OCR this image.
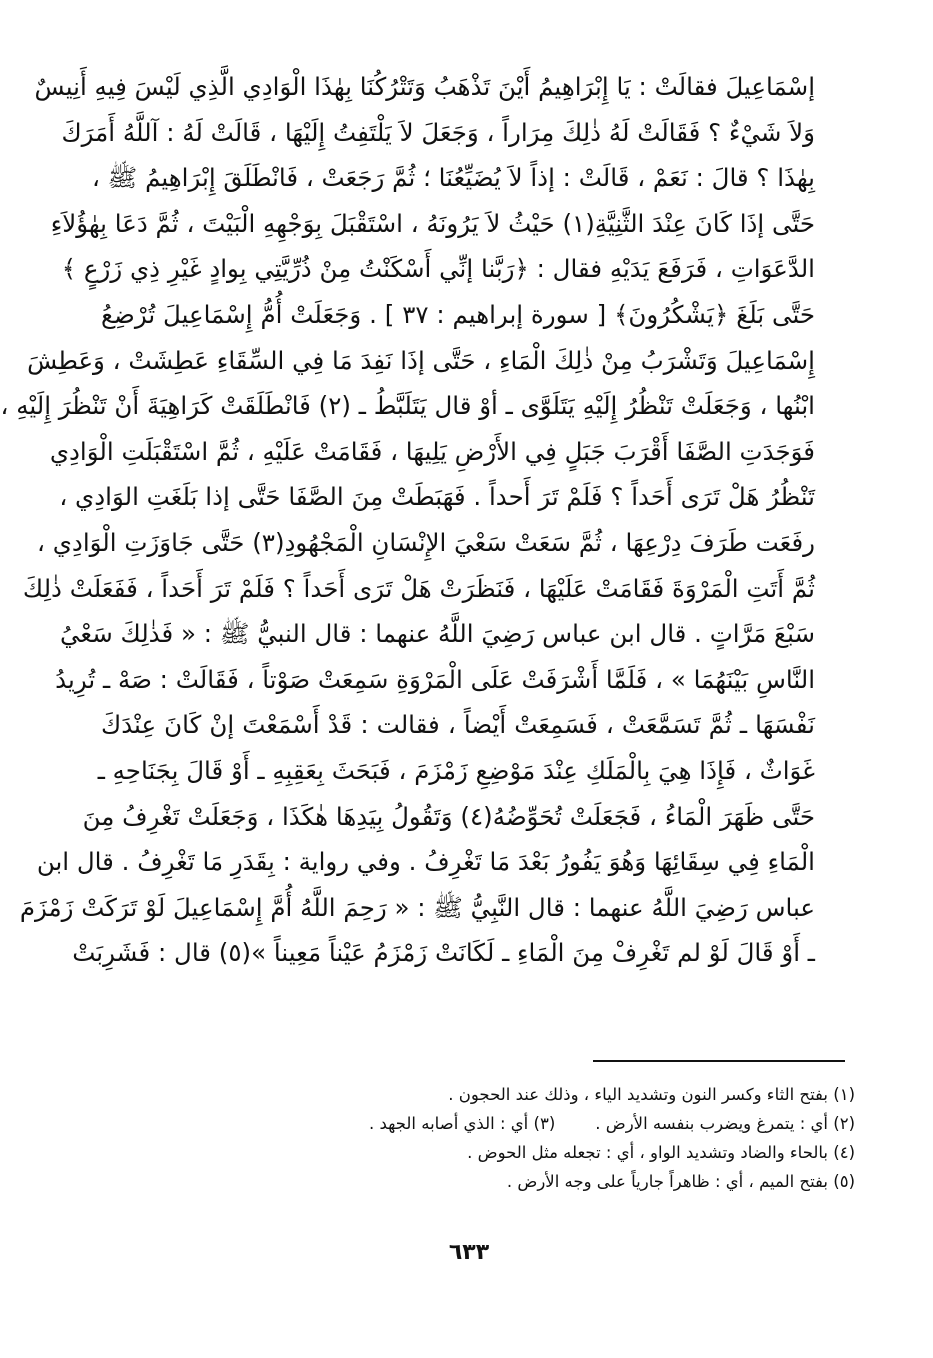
إسْمَاعِيلَ فقالَتْ : يَا إِبْرَاهِيمُ أَيْنَ تَذْهَبُ وَتَتْرُكُنَا بِهٰذَا الْوَادِي الَّذِي لَيْسَ فِيهِ أَنِيسٌ
وَلاَ شَيْءٌ ؟ فَقَالَتْ لَهُ ذٰلِكَ مِرَاراً ، وَجَعَلَ لاَ يَلْتَفِتُ إِلَيْهَا ، قَالَتْ لَهُ : آللَّهُ أَمَرَكَ
بِهٰذَا ؟ قالَ : نَعَمْ ، قَالَتْ : إذاً لاَ يُضَيِّعُنَا ؛ ثُمَّ رَجَعَتْ ، فَانْطَلَقَ إِبْرَاهِيمُ ﷺ ،
حَتَّى إذَا كَانَ عِنْدَ الثَّنِيَّةِ(١) حَيْثُ لاَ يَرُونَهُ ، اسْتَقْبَلَ بِوَجْهِهِ الْبَيْتَ ، ثُمَّ دَعَا بِهٰؤُلاَءِ
الدَّعَوَاتِ ، فَرَفَعَ يَدَيْهِ فقال : ﴿رَبَّنا إنِّي أَسْكَنْتُ مِنْ ذُرِّيَّتِي بِوادٍ غَيْرِ ذِي زَرْعٍ ﴾
حَتَّى بَلَغَ ﴿يَشْكُرُونَ﴾ [ سورة إبراهيم : ٣٧ ] . وَجَعَلَتْ أُمُّ إِسْمَاعِيلَ تُرْضِعُ
إِسْمَاعِيلَ وَتَشْرَبُ مِنْ ذٰلِكَ الْمَاءِ ، حَتَّى إذَا نَفِدَ مَا فِي السِّقَاءِ عَطِشَتْ ، وَعَطِشَ
ابْنُها ، وَجَعَلَتْ تَنْظُرُ إِلَيْهِ يَتَلَوَّى ـ أوْ قال يَتَلَبَّطُ ـ (٢) فَانْطَلَقَتْ كَرَاهِيَةَ أَنْ تَنْظُرَ إِلَيْهِ ،
فَوَجَدَتِ الصَّفَا أَقْرَبَ جَبَلٍ فِي الأَرْضِ يَلِيهَا ، فَقَامَتْ عَلَيْهِ ، ثُمَّ اسْتَقْبَلَتِ الْوَادِي
تَنْظُرُ هَلْ تَرَى أَحَداً ؟ فَلَمْ تَرَ أَحداً . فَهَبَطَتْ مِنَ الصَّفَا حَتَّى إذا بَلَغَتِ الوَادِي ،
رفَعَت طَرَفَ دِرْعِهَا ، ثُمَّ سَعَتْ سَعْيَ الإِنْسَانِ الْمَجْهُودِ(٣) حَتَّى جَاوَزَتِ الْوَادِي ،
ثُمَّ أَتَتِ الْمَرْوَةَ فَقَامَتْ عَلَيْهَا ، فَنَظَرَتْ هَلْ تَرَى أَحَداً ؟ فَلَمْ تَرَ أَحَداً ، فَفَعَلَتْ ذٰلِكَ
سَبْعَ مَرَّاتٍ . قال ابن عباس رَضِيَ اللَّهُ عنهما : قال النبيُّ ﷺ : « فَذٰلِكَ سَعْيُ
النَّاسِ بَيْنَهُمَا » ، فَلَمَّا أَشْرَفَتْ عَلَى الْمَرْوَةِ سَمِعَتْ صَوْتاً ، فَقَالَتْ : صَهْ ـ تُرِيدُ
نَفْسَهَا ـ ثُمَّ تَسَمَّعَتْ ، فَسَمِعَتْ أَيْضاً ، فقالت : قَدْ أَسْمَعْتَ إنْ كَانَ عِنْدَكَ
غَوَاثٌ ، فَإِذَا هِيَ بِالْمَلَكِ عِنْدَ مَوْضِعِ زَمْزَمَ ، فَبَحَثَ بِعَقِبِهِ ـ أَوْ قَالَ بِجَنَاحِهِ ـ
حَتَّى ظَهَرَ الْمَاءُ ، فَجَعَلَتْ تُحَوِّضُهُ(٤) وَتَقُولُ بِيَدِهَا هٰكَذَا ، وَجَعَلَتْ تَغْرِفُ مِنَ
الْمَاءِ فِي سِقَائِهَا وَهُوَ يَفُورُ بَعْدَ مَا تَغْرِفُ . وفي رواية : بِقَدَرِ مَا تَغْرِفُ . قال ابن
عباس رَضِيَ اللَّهُ عنهما : قال النَّبِيُّ ﷺ : « رَحِمَ اللَّهُ أُمَّ إِسْمَاعِيلَ لَوْ تَرَكَتْ زَمْزَمَ
ـ أَوْ قَالَ لَوْ لم تَغْرِفْ مِنَ الْمَاءِ ـ لَكَانَتْ زَمْزَمُ عَيْناً مَعِيناً »(٥) قال : فَشَرِبَتْ
(١) بفتح الثاء وكسر النون وتشديد الياء ، وذلك عند الحجون .
(٢) أي : يتمرغ ويضرب بنفسه الأرض .
(٣) أي : الذي أصابه الجهد .
(٤) بالحاء والضاد وتشديد الواو ، أي : تجعله مثل الحوض .
(٥) بفتح الميم ، أي : ظاهراً جارياً على وجه الأرض .
٦٣٣
